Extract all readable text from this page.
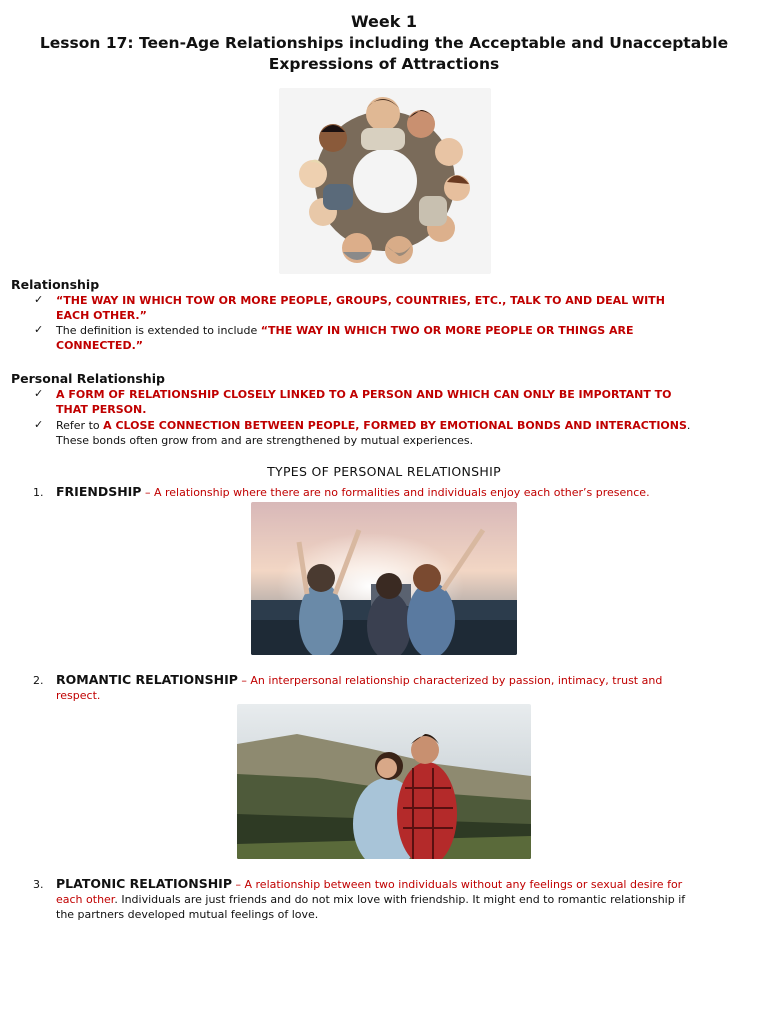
Week 1
Lesson 17: Teen-Age Relationships including the Acceptable and Unacceptable
Expressions of Attractions
Relationship
✓ “THE WAY IN WHICH TOW OR MORE PEOPLE, GROUPS, COUNTRIES, ETC., TALK TO AND DEAL WITH
EACH OTHER.”
✓ The definition is extended to include “THE WAY IN WHICH TWO OR MORE PEOPLE OR THINGS ARE
CONNECTED.”
Personal Relationship
✓ A FORM OF RELATIONSHIP CLOSELY LINKED TO A PERSON AND WHICH CAN ONLY BE IMPORTANT TO
THAT PERSON.
✓ Refer to A CLOSE CONNECTION BETWEEN PEOPLE, FORMED BY EMOTIONAL BONDS AND INTERACTIONS.
These bonds often grow from and are strengthened by mutual experiences.
TYPES OF PERSONAL RELATIONSHIP
1. FRIENDSHIP – A relationship where there are no formalities and individuals enjoy each other’s presence.
2. ROMANTIC RELATIONSHIP – An interpersonal relationship characterized by passion, intimacy, trust and
respect.
3. PLATONIC RELATIONSHIP – A relationship between two individuals without any feelings or sexual desire for
each other. Individuals are just friends and do not mix love with friendship. It might end to romantic relationship if
the partners developed mutual feelings of love.
